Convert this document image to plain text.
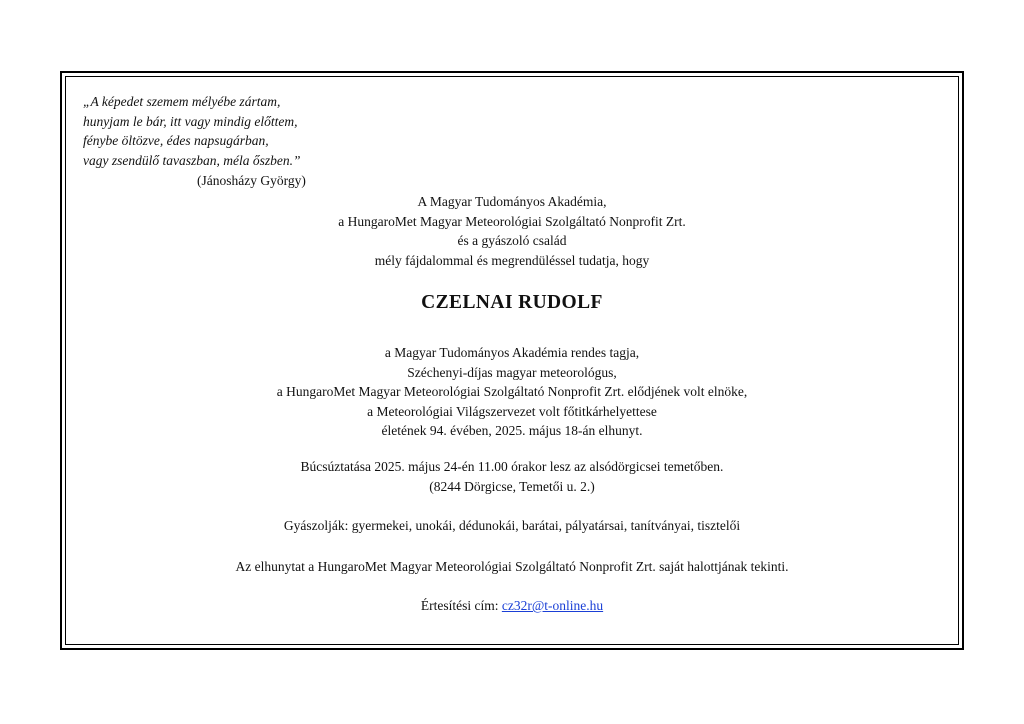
„A képedet szemem mélyébe zártam,
hunyjam le bár, itt vagy mindig előttem,
fénybe öltözve, édes napsugárban,
vagy zsendülő tavaszban, méla őszben.”
(Jánosházy György)
A Magyar Tudományos Akadémia,
a HungaroMet Magyar Meteorológiai Szolgáltató Nonprofit Zrt.
és a gyászoló család
mély fájdalommal és megrendüléssel tudatja, hogy
CZELNAI RUDOLF
a Magyar Tudományos Akadémia rendes tagja,
Széchenyi-díjas magyar meteorológus,
a HungaroMet Magyar Meteorológiai Szolgáltató Nonprofit Zrt. elődjének volt elnöke,
a Meteorológiai Világszervezet volt főtitkárhelyettese
életének 94. évében, 2025. május 18-án elhunyt.
Búcsúztatása 2025. május 24-én 11.00 órakor lesz az alsódörgicsei temetőben.
(8244 Dörgicse, Temetői u. 2.)
Gyászolják: gyermekei, unokái, dédunokái, barátai, pályatársai, tanítványai, tisztelői
Az elhunytat a HungaroMet Magyar Meteorológiai Szolgáltató Nonprofit Zrt. saját halottjának tekinti.
Értesítési cím: cz32r@t-online.hu
